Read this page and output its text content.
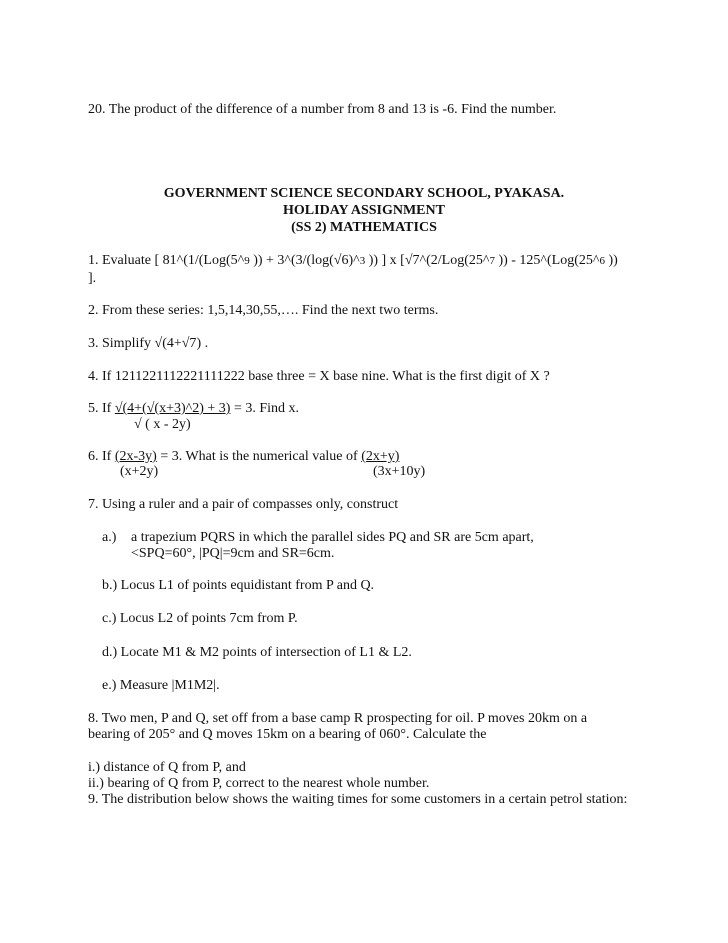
20. The product of the difference of a number from 8 and 13 is -6. Find the number.
GOVERNMENT SCIENCE SECONDARY SCHOOL, PYAKASA.
HOLIDAY ASSIGNMENT
(SS 2) MATHEMATICS
1. Evaluate [ 81^(1/(Log(5^9 )) + 3^(3/(log(√6)^3 )) ] x [√7^(2/Log(25^7 )) - 125^(Log(25^6 ))
].
2. From these series: 1,5,14,30,55,…. Find the next two terms.
3. Simplify √(4+√7) .
4. If 1211221112221111222 base three = X base nine. What is the first digit of X ?
5. If √(4+(√(x+3)^2) + 3) = 3. Find x.
√ ( x - 2y)
6. If (2x-3y) = 3. What is the numerical value of (2x+y)
(x+2y)	(3x+10y)
7. Using a ruler and a pair of compasses only, construct
a.) a trapezium PQRS in which the parallel sides PQ and SR are 5cm apart,
<SPQ=60°, |PQ|=9cm and SR=6cm.
b.) Locus L1 of points equidistant from P and Q.
c.) Locus L2 of points 7cm from P.
d.) Locate M1 & M2 points of intersection of L1 & L2.
e.) Measure |M1M2|.
8. Two men, P and Q, set off from a base camp R prospecting for oil. P moves 20km on a
bearing of 205° and Q moves 15km on a bearing of 060°. Calculate the
i.) distance of Q from P, and
ii.) bearing of Q from P, correct to the nearest whole number.
9. The distribution below shows the waiting times for some customers in a certain petrol station:
